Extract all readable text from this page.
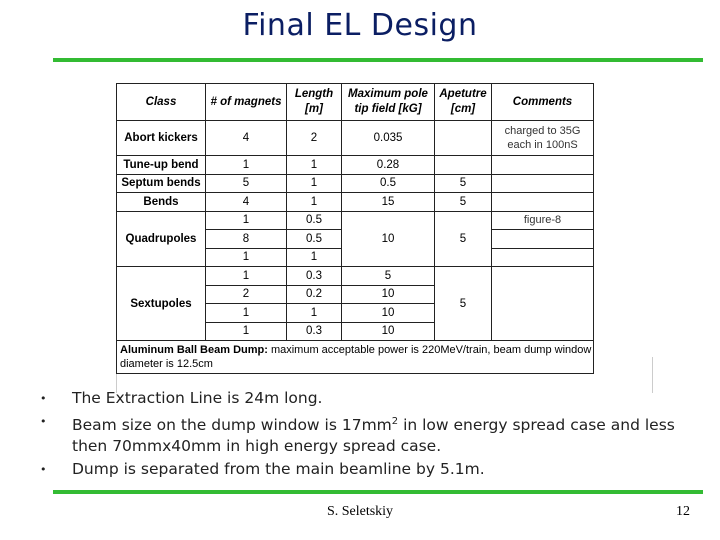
Final EL Design
Class	# of magnets	Length [m]	Maximum pole tip field [kG]	Apetutre [cm]	Comments
Abort kickers	4	2	0.035		charged to 35G each in 100nS
Tune-up bend	1	1	0.28		
Septum bends	5	1	0.5	5	
Bends	4	1	15	5	
Quadrupoles	1	0.5	10	5	figure-8
	8	0.5			
	1	1			
Sextupoles	1	0.3	5	5	
	2	0.2	10		
	1	1	10		
	1	0.3	10		
Aluminum Ball Beam Dump: maximum acceptable power is 220MeV/train, beam dump window diameter is 12.5cm					
• The Extraction Line is 24m long.
• Beam size on the dump window is $17mm^2$ in low energy spread case and less then 70mmx40mm in high energy spread case.
• Dump is separated from the main beamline by 5.1m.
S. Seletskiy	12
